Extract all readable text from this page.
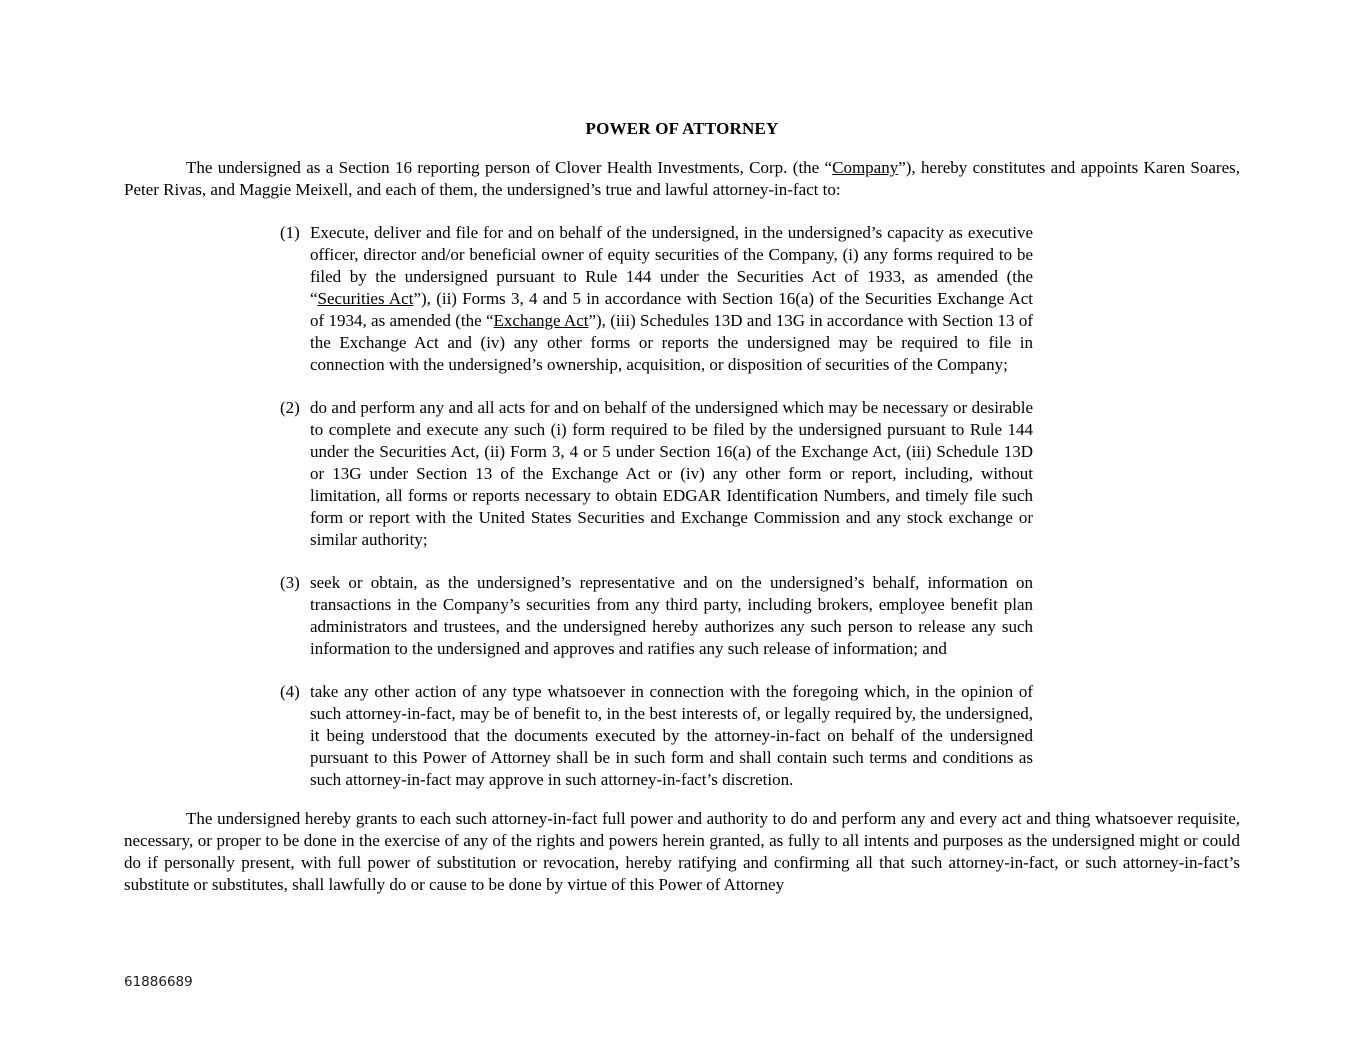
POWER OF ATTORNEY

The undersigned as a Section 16 reporting person of Clover Health Investments, Corp. (the “Company”), hereby constitutes and appoints Karen Soares, Peter Rivas, and Maggie Meixell, and each of them, the undersigned’s true and lawful attorney-in-fact to:

(1) Execute, deliver and file for and on behalf of the undersigned, in the undersigned’s capacity as executive officer, director and/or beneficial owner of equity securities of the Company, (i) any forms required to be filed by the undersigned pursuant to Rule 144 under the Securities Act of 1933, as amended (the “Securities Act”), (ii) Forms 3, 4 and 5 in accordance with Section 16(a) of the Securities Exchange Act of 1934, as amended (the “Exchange Act”), (iii) Schedules 13D and 13G in accordance with Section 13 of the Exchange Act and (iv) any other forms or reports the undersigned may be required to file in connection with the undersigned’s ownership, acquisition, or disposition of securities of the Company;
(2) do and perform any and all acts for and on behalf of the undersigned which may be necessary or desirable to complete and execute any such (i) form required to be filed by the undersigned pursuant to Rule 144 under the Securities Act, (ii) Form 3, 4 or 5 under Section 16(a) of the Exchange Act, (iii) Schedule 13D or 13G under Section 13 of the Exchange Act or (iv) any other form or report, including, without limitation, all forms or reports necessary to obtain EDGAR Identification Numbers, and timely file such form or report with the United States Securities and Exchange Commission and any stock exchange or similar authority;
(3) seek or obtain, as the undersigned’s representative and on the undersigned’s behalf, information on transactions in the Company’s securities from any third party, including brokers, employee benefit plan administrators and trustees, and the undersigned hereby authorizes any such person to release any such information to the undersigned and approves and ratifies any such release of information; and
(4) take any other action of any type whatsoever in connection with the foregoing which, in the opinion of such attorney-in-fact, may be of benefit to, in the best interests of, or legally required by, the undersigned, it being understood that the documents executed by the attorney-in-fact on behalf of the undersigned pursuant to this Power of Attorney shall be in such form and shall contain such terms and conditions as such attorney-in-fact may approve in such attorney-in-fact’s discretion.

The undersigned hereby grants to each such attorney-in-fact full power and authority to do and perform any and every act and thing whatsoever requisite, necessary, or proper to be done in the exercise of any of the rights and powers herein granted, as fully to all intents and purposes as the undersigned might or could do if personally present, with full power of substitution or revocation, hereby ratifying and confirming all that such attorney-in-fact, or such attorney-in-fact’s substitute or substitutes, shall lawfully do or cause to be done by virtue of this Power of Attorney

61886689
